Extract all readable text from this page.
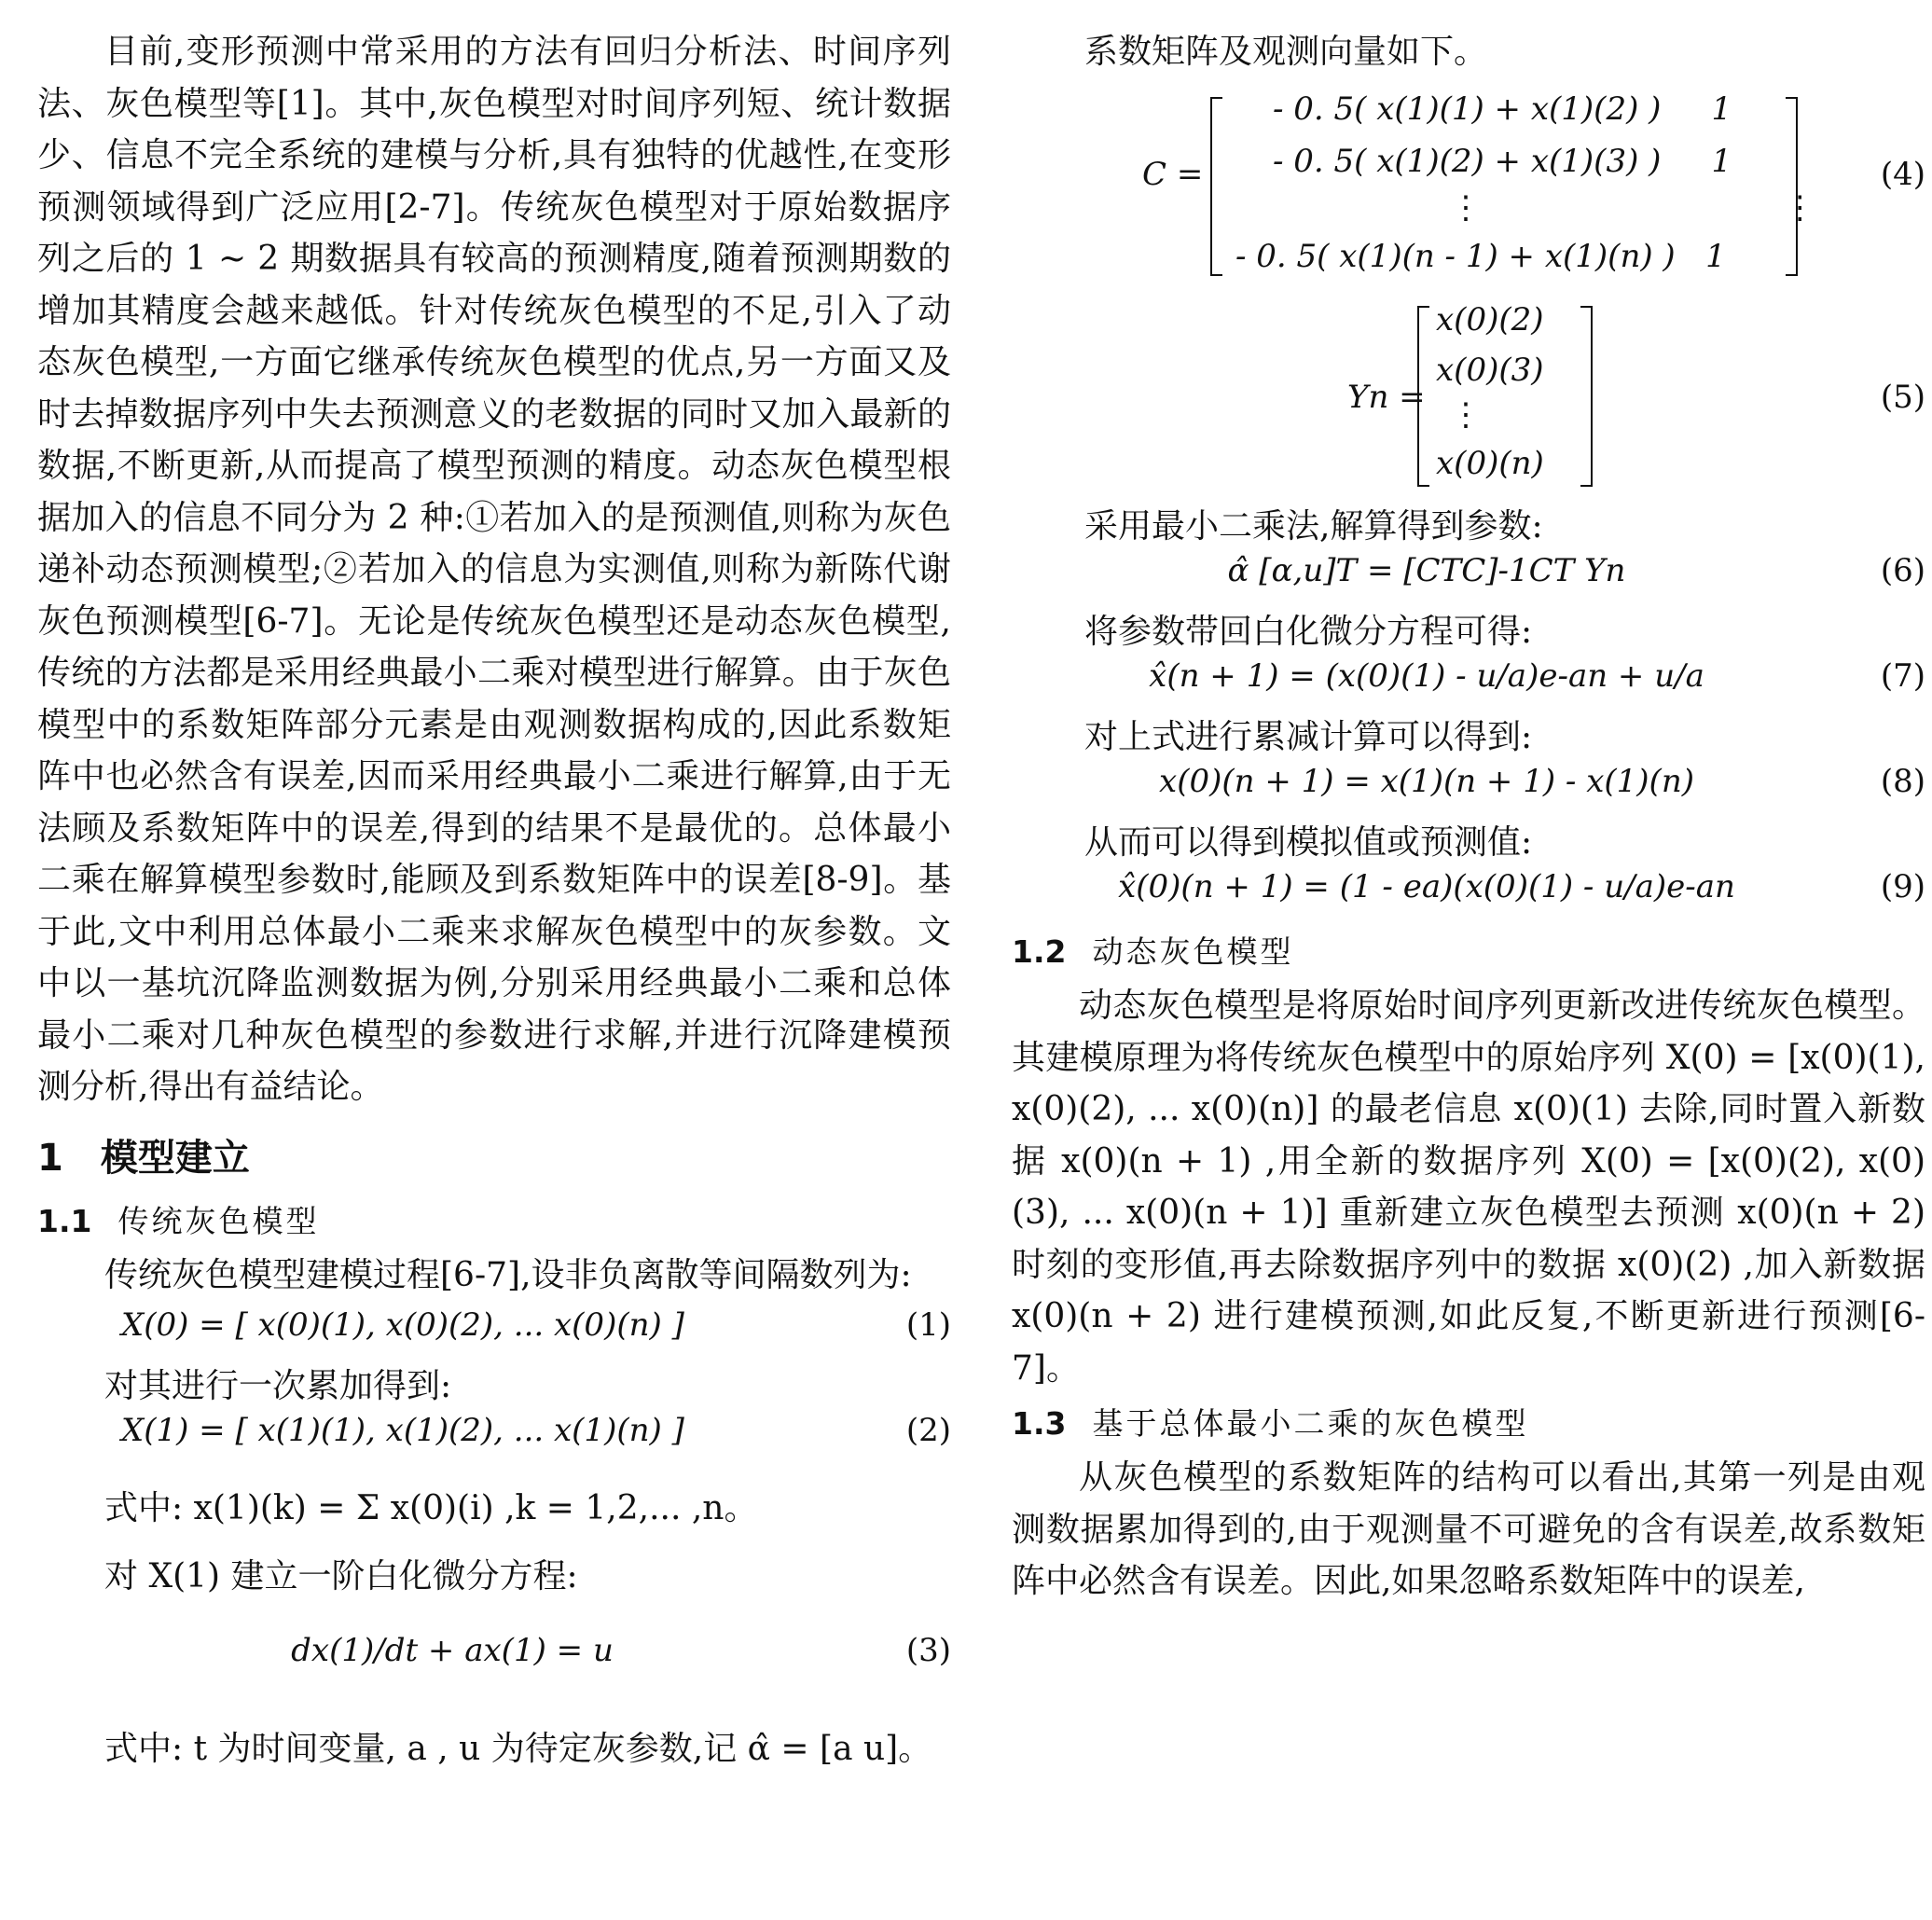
目前,变形预测中常采用的方法有回归分析法、时间序列法、灰色模型等[1]。其中,灰色模型对时间序列短、统计数据少、信息不完全系统的建模与分析,具有独特的优越性,在变形预测领域得到广泛应用[2-7]。传统灰色模型对于原始数据序列之后的 1 ~ 2 期数据具有较高的预测精度,随着预测期数的增加其精度会越来越低。针对传统灰色模型的不足,引入了动态灰色模型,一方面它继承传统灰色模型的优点,另一方面又及时去掉数据序列中失去预测意义的老数据的同时又加入最新的数据,不断更新,从而提高了模型预测的精度。动态灰色模型根据加入的信息不同分为 2 种:①若加入的是预测值,则称为灰色递补动态预测模型;②若加入的信息为实测值,则称为新陈代谢灰色预测模型[6-7]。无论是传统灰色模型还是动态灰色模型,传统的方法都是采用经典最小二乘对模型进行解算。由于灰色模型中的系数矩阵部分元素是由观测数据构成的,因此系数矩阵中也必然含有误差,因而采用经典最小二乘进行解算,由于无法顾及系数矩阵中的误差,得到的结果不是最优的。总体最小二乘在解算模型参数时,能顾及到系数矩阵中的误差[8-9]。基于此,文中利用总体最小二乘来求解灰色模型中的灰参数。文中以一基坑沉降监测数据为例,分别采用经典最小二乘和总体最小二乘对几种灰色模型的参数进行求解,并进行沉降建模预测分析,得出有益结论。

1　模型建立
1.1 传统灰色模型

传统灰色模型建模过程[6-7],设非负离散等间隔数列为:

X(0) = [ x(0)(1), x(0)(2), ... x(0)(n) ]	(1)
对其进行一次累加得到:
X(1) = [ x(1)(1), x(1)(2), ... x(1)(n) ]	(2)
式中: x(1)(k) = Σ x(0)(i) ,k = 1,2,... ,n。
对 X(1) 建立一阶白化微分方程:
dx(1)/dt + ax(1) = u	(3)
式中: t 为时间变量, a , u 为待定灰参数,记 α̂ = [a u]。
系数矩阵及观测向量如下。
C =
- 0. 5( x(1)(1) + x(1)(2) )     1
- 0. 5( x(1)(2) + x(1)(3) )     1
⋮                              ⋮
- 0. 5( x(1)(n - 1) + x(1)(n) )   1
(4)
Yn =
x(0)(2)
x(0)(3)
⋮
x(0)(n)
(5)
采用最小二乘法,解算得到参数:
α̂ [α,u]T = [CTC]-1CT Yn	(6)
将参数带回白化微分方程可得:
x̂(n + 1) = (x(0)(1) - u/a)e-an + u/a	(7)
对上式进行累减计算可以得到:
x(0)(n + 1) = x(1)(n + 1) - x(1)(n)	(8)
从而可以得到模拟值或预测值:
x̂(0)(n + 1) = (1 - ea)(x(0)(1) - u/a)e-an	(9)
1.2 动态灰色模型

动态灰色模型是将原始时间序列更新改进传统灰色模型。其建模原理为将传统灰色模型中的原始序列 X(0) = [x(0)(1), x(0)(2), ... x(0)(n)] 的最老信息 x(0)(1) 去除,同时置入新数据 x(0)(n + 1) ,用全新的数据序列 X(0) = [x(0)(2), x(0)(3), ... x(0)(n + 1)] 重新建立灰色模型去预测 x(0)(n + 2) 时刻的变形值,再去除数据序列中的数据 x(0)(2) ,加入新数据 x(0)(n + 2) 进行建模预测,如此反复,不断更新进行预测[6-7]。

1.3 基于总体最小二乘的灰色模型

从灰色模型的系数矩阵的结构可以看出,其第一列是由观测数据累加得到的,由于观测量不可避免的含有误差,故系数矩阵中必然含有误差。因此,如果忽略系数矩阵中的误差,
